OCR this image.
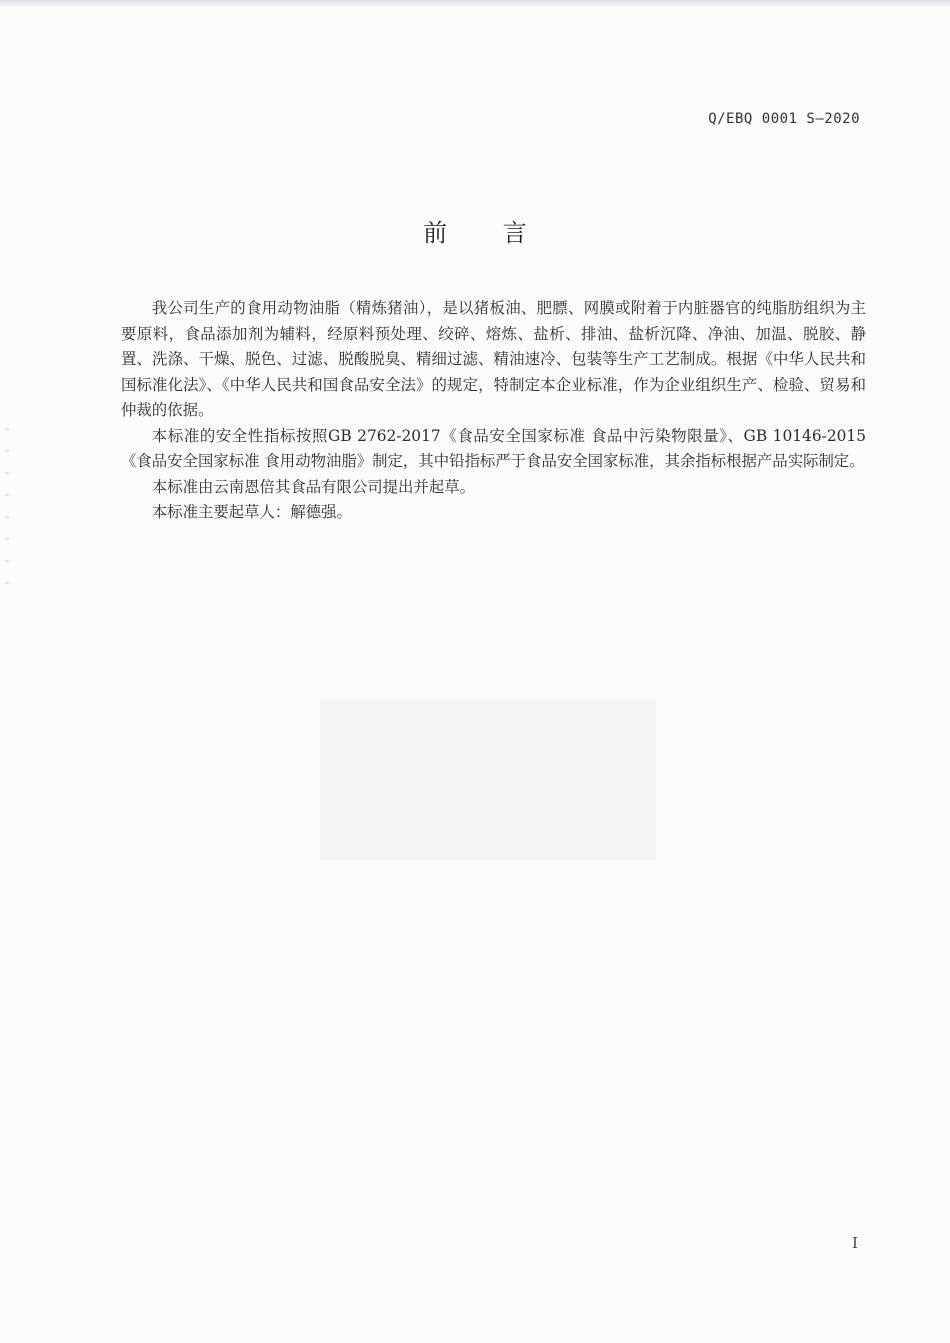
Q/EBQ 0001 S—2020
前 言

我公司生产的食用动物油脂（精炼猪油），是以猪板油、肥膘、网膜或附着于内脏器官的纯脂肪组织为主要原料，食品添加剂为辅料，经原料预处理、绞碎、熔炼、盐析、排油、盐析沉降、净油、加温、脱胶、静置、洗涤、干燥、脱色、过滤、脱酸脱臭、精细过滤、精油速冷、包装等生产工艺制成。根据《中华人民共和国标准化法》、《中华人民共和国食品安全法》的规定，特制定本企业标准，作为企业组织生产、检验、贸易和仲裁的依据。

本标准的安全性指标按照GB 2762-2017《食品安全国家标准 食品中污染物限量》、GB 10146-2015《食品安全国家标准 食用动物油脂》制定，其中铅指标严于食品安全国家标准，其余指标根据产品实际制定。

本标准由云南恩倍其食品有限公司提出并起草。

本标准主要起草人：解德强。

I
